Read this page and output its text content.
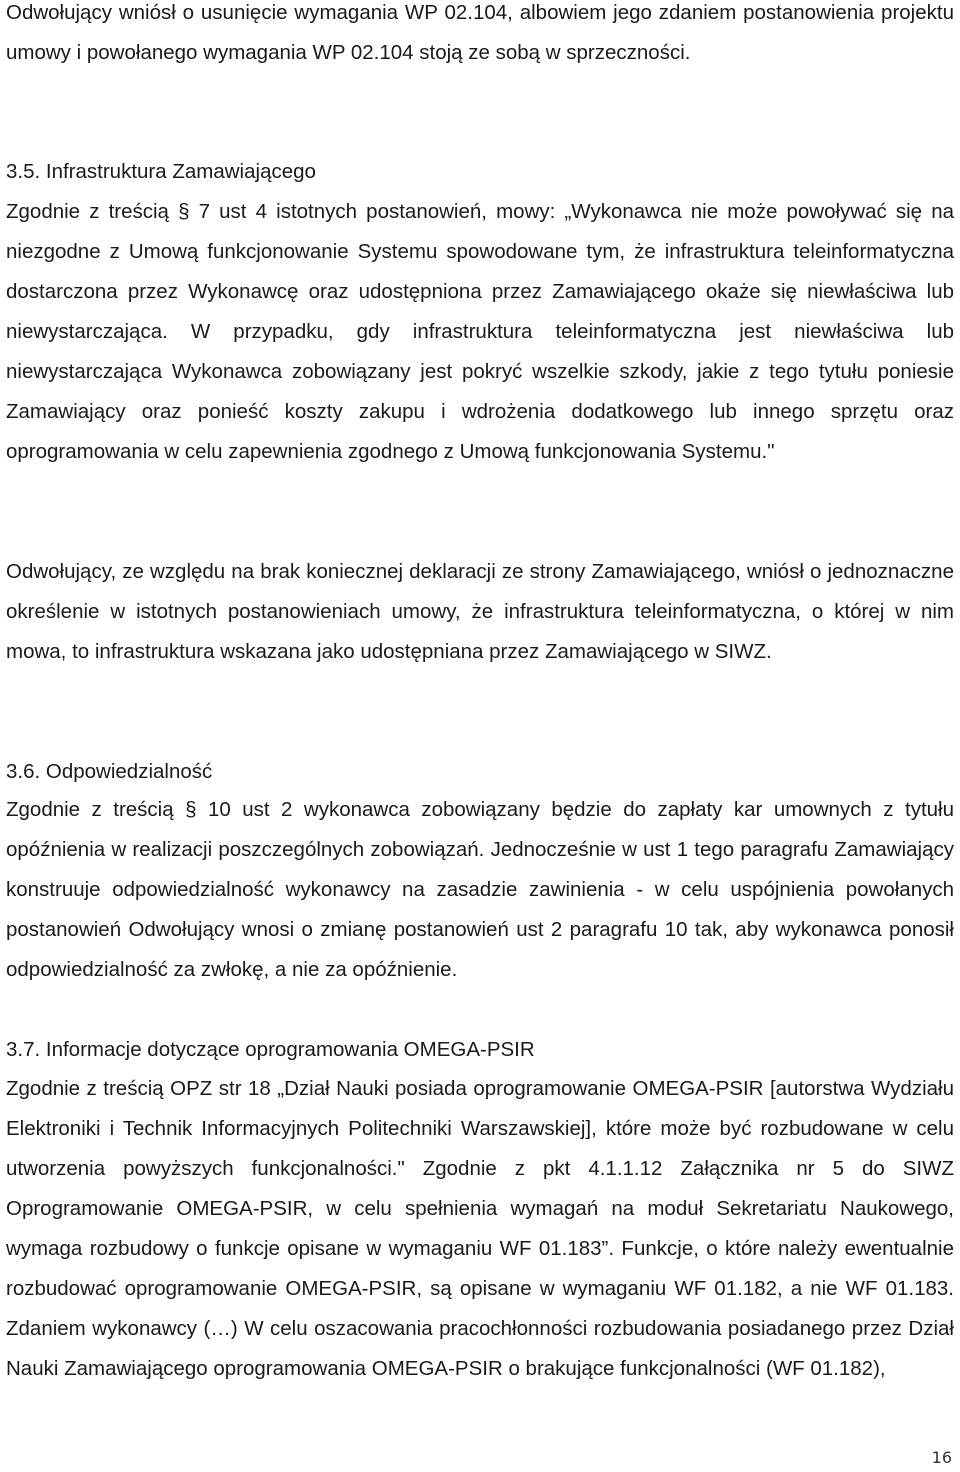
Odwołujący wniósł o usunięcie wymagania WP 02.104, albowiem jego zdaniem postanowienia projektu umowy i powołanego wymagania WP 02.104 stoją ze sobą w sprzeczności.

3.5. Infrastruktura Zamawiającego

Zgodnie z treścią § 7 ust 4 istotnych postanowień, mowy: „Wykonawca nie może powoływać się na niezgodne z Umową funkcjonowanie Systemu spowodowane tym, że infrastruktura teleinformatyczna dostarczona przez Wykonawcę oraz udostępniona przez Zamawiającego okaże się niewłaściwa lub niewystarczająca. W przypadku, gdy infrastruktura teleinformatyczna jest niewłaściwa lub niewystarczająca Wykonawca zobowiązany jest pokryć wszelkie szkody, jakie z tego tytułu poniesie Zamawiający oraz ponieść koszty zakupu i wdrożenia dodatkowego lub innego sprzętu oraz oprogramowania w celu zapewnienia zgodnego z Umową funkcjonowania Systemu."

Odwołujący, ze względu na brak koniecznej deklaracji ze strony Zamawiającego, wniósł o jednoznaczne określenie w istotnych postanowieniach umowy, że infrastruktura teleinformatyczna, o której w nim mowa, to infrastruktura wskazana jako udostępniana przez Zamawiającego w SIWZ.

3.6. Odpowiedzialność

Zgodnie z treścią § 10 ust 2 wykonawca zobowiązany będzie do zapłaty kar umownych z tytułu opóźnienia w realizacji poszczególnych zobowiązań. Jednocześnie w ust 1 tego paragrafu Zamawiający konstruuje odpowiedzialność wykonawcy na zasadzie zawinienia - w celu uspójnienia powołanych postanowień Odwołujący wnosi o zmianę postanowień ust 2 paragrafu 10 tak, aby wykonawca ponosił odpowiedzialność za zwłokę, a nie za opóźnienie.

3.7. Informacje dotyczące oprogramowania OMEGA-PSIR

Zgodnie z treścią OPZ str 18 „Dział Nauki posiada oprogramowanie OMEGA-PSIR [autorstwa Wydziału Elektroniki i Technik Informacyjnych Politechniki Warszawskiej], które może być rozbudowane w celu utworzenia powyższych funkcjonalności." Zgodnie z pkt 4.1.1.12 Załącznika nr 5 do SIWZ Oprogramowanie OMEGA-PSIR, w celu spełnienia wymagań na moduł Sekretariatu Naukowego, wymaga rozbudowy o funkcje opisane w wymaganiu WF 01.183”. Funkcje, o które należy ewentualnie rozbudować oprogramowanie OMEGA-PSIR, są opisane w wymaganiu WF 01.182, a nie WF 01.183. Zdaniem wykonawcy (…) W celu oszacowania pracochłonności rozbudowania posiadanego przez Dział Nauki Zamawiającego oprogramowania OMEGA-PSIR o brakujące funkcjonalności (WF 01.182),

16
